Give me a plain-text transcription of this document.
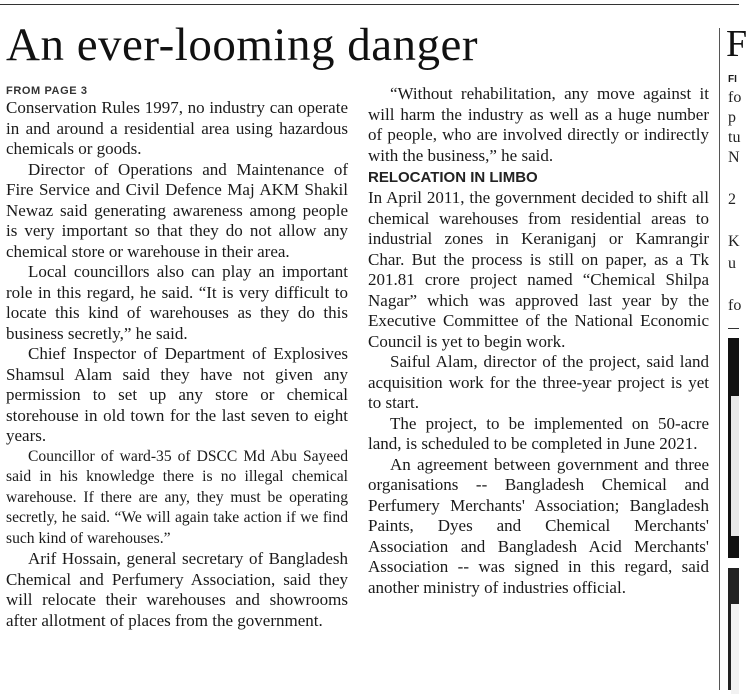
An ever-looming danger
FROM PAGE 3

Conservation Rules 1997, no industry can operate in and around a residential area using hazardous chemicals or goods.

Director of Operations and Maintenance of Fire Service and Civil Defence Maj AKM Shakil Newaz said generating awareness among people is very important so that they do not allow any chemical store or warehouse in their area.

Local councillors also can play an important role in this regard, he said. “It is very difficult to locate this kind of warehouses as they do this business secretly,” he said.

Chief Inspector of Department of Explosives Shamsul Alam said they have not given any permission to set up any store or chemical storehouse in old town for the last seven to eight years.

Councillor of ward-35 of DSCC Md Abu Sayeed said in his knowledge there is no illegal chemical warehouse. If there are any, they must be operating secretly, he said. “We will again take action if we find such kind of warehouses.”

Arif Hossain, general secretary of Bangladesh Chemical and Perfumery Association, said they will relocate their warehouses and showrooms after allotment of places from the government.

“Without rehabilitation, any move against it will harm the industry as well as a huge number of people, who are involved directly or indirectly with the business,” he said.

RELOCATION IN LIMBO

In April 2011, the government decided to shift all chemical warehouses from residential areas to industrial zones in Keraniganj or Kamrangir Char. But the process is still on paper, as a Tk 201.81 crore project named “Chemical Shilpa Nagar” which was approved last year by the Executive Committee of the National Economic Council is yet to begin work.

Saiful Alam, director of the project, said land acquisition work for the three-year project is yet to start.

The project, to be implemented on 50-acre land, is scheduled to be completed in June 2021.

An agreement between government and three organisations -- Bangladesh Chemical and Perfumery Merchants' Association; Bangladesh Paints, Dyes and Chemical Merchants' Association and Bangladesh Acid Merchants' Association -- was signed in this regard, said another ministry of industries official.

F
FI
fo
p
tu
N
2
K
u
fo
